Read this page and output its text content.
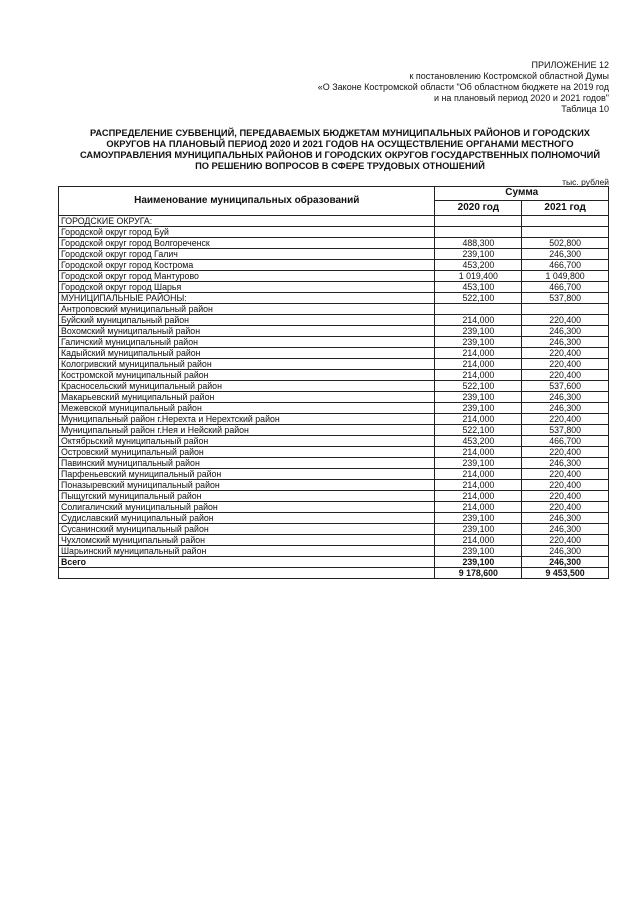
ПРИЛОЖЕНИЕ 12
к постановлению Костромской областной Думы
«О Законе Костромской области "Об областном бюджете на 2019 год
и на плановый период 2020 и 2021 годов"
Таблица 10
РАСПРЕДЕЛЕНИЕ СУБВЕНЦИЙ, ПЕРЕДАВАЕМЫХ БЮДЖЕТАМ МУНИЦИПАЛЬНЫХ РАЙОНОВ И ГОРОДСКИХ
ОКРУГОВ НА ПЛАНОВЫЙ ПЕРИОД 2020 И 2021 ГОДОВ НА ОСУЩЕСТВЛЕНИЕ ОРГАНАМИ МЕСТНОГО
САМОУПРАВЛЕНИЯ МУНИЦИПАЛЬНЫХ РАЙОНОВ И ГОРОДСКИХ ОКРУГОВ ГОСУДАРСТВЕННЫХ ПОЛНОМОЧИЙ
ПО РЕШЕНИЮ ВОПРОСОВ В СФЕРЕ ТРУДОВЫХ ОТНОШЕНИЙ
тыс. рублей
Наименование муниципальных образований	Сумма	
	2020 год	2021 год
ГОРОДСКИЕ ОКРУГА:		
Городской округ город Буй		
Городской округ город Волгореченск	488,300	502,800
Городской округ город Галич	239,100	246,300
Городской округ город Кострома	453,200	466,700
Городской округ город Мантурово	1 019,400	1 049,800
Городской округ город Шарья	453,100	466,700
МУНИЦИПАЛЬНЫЕ РАЙОНЫ:	522,100	537,800
Антроповский муниципальный район		
Буйский муниципальный район	214,000	220,400
Вохомский муниципальный район	239,100	246,300
Галичский муниципальный район	239,100	246,300
Кадыйский муниципальный район	214,000	220,400
Кологривский муниципальный район	214,000	220,400
Костромской муниципальный район	214,000	220,400
Красносельский муниципальный район	522,100	537,600
Макарьевский муниципальный район	239,100	246,300
Межевской муниципальный район	239,100	246,300
Муниципальный район г.Нерехта и Нерехтский район	214,000	220,400
Муниципальный район г.Нея и Нейский район	522,100	537,800
Октябрьский муниципальный район	453,200	466,700
Островский муниципальный район	214,000	220,400
Павинский муниципальный район	239,100	246,300
Парфеньевский муниципальный район	214,000	220,400
Поназыревский муниципальный район	214,000	220,400
Пыщугский муниципальный район	214,000	220,400
Солигаличский муниципальный район	214,000	220,400
Судиславский муниципальный район	239,100	246,300
Сусанинский муниципальный район	239,100	246,300
Чухломский муниципальный район	214,000	220,400
Шарьинский муниципальный район	239,100	246,300
Всего	239,100	246,300
	9 178,600	9 453,500
